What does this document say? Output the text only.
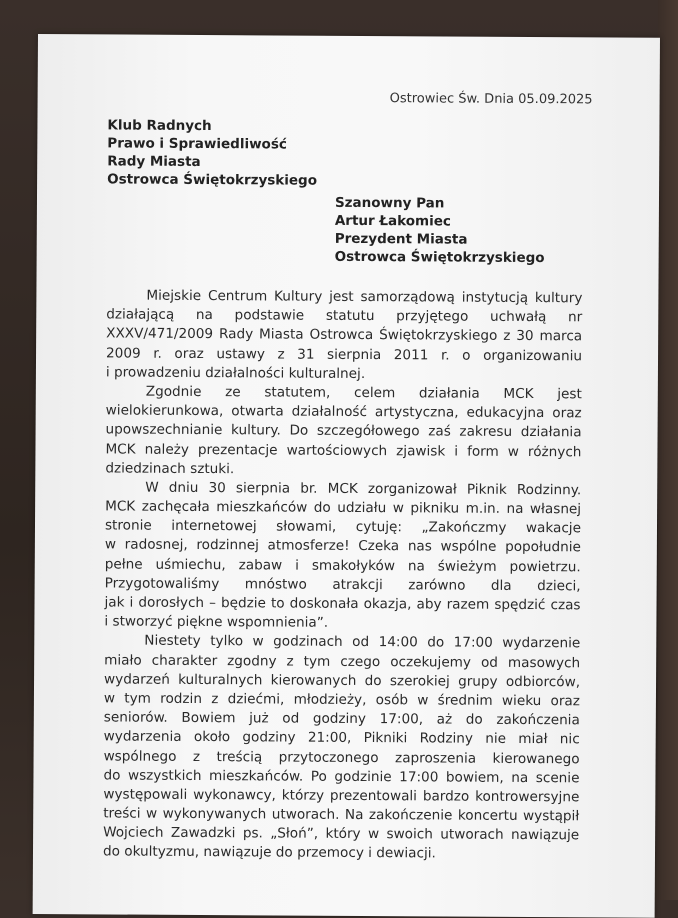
Ostrowiec Św. Dnia 05.09.2025
Klub Radnych
Prawo i Sprawiedliwość
Rady Miasta
Ostrowca Świętokrzyskiego
Szanowny Pan
Artur Łakomiec
Prezydent Miasta
Ostrowca Świętokrzyskiego
Miejskie Centrum Kultury jest samorządową instytucją kultury
działającą na podstawie statutu przyjętego uchwałą nr
XXXV/471/2009 Rady Miasta Ostrowca Świętokrzyskiego z 30 marca
2009 r. oraz ustawy z 31 sierpnia 2011 r. o organizowaniu
i prowadzeniu działalności kulturalnej.
Zgodnie ze statutem, celem działania MCK jest
wielokierunkowa, otwarta działalność artystyczna, edukacyjna oraz
upowszechnianie kultury. Do szczegółowego zaś zakresu działania
MCK należy prezentacje wartościowych zjawisk i form w różnych
dziedzinach sztuki.
W dniu 30 sierpnia br. MCK zorganizował Piknik Rodzinny.
MCK zachęcała mieszkańców do udziału w pikniku m.in. na własnej
stronie internetowej słowami, cytuję: „Zakończmy wakacje
w radosnej, rodzinnej atmosferze! Czeka nas wspólne popołudnie
pełne uśmiechu, zabaw i smakołyków na świeżym powietrzu.
Przygotowaliśmy mnóstwo atrakcji zarówno dla dzieci,
jak i dorosłych – będzie to doskonała okazja, aby razem spędzić czas
i stworzyć piękne wspomnienia”.
Niestety tylko w godzinach od 14:00 do 17:00 wydarzenie
miało charakter zgodny z tym czego oczekujemy od masowych
wydarzeń kulturalnych kierowanych do szerokiej grupy odbiorców,
w tym rodzin z dziećmi, młodzieży, osób w średnim wieku oraz
seniorów. Bowiem już od godziny 17:00, aż do zakończenia
wydarzenia około godziny 21:00, Pikniki Rodziny nie miał nic
wspólnego z treścią przytoczonego zaproszenia kierowanego
do wszystkich mieszkańców. Po godzinie 17:00 bowiem, na scenie
występowali wykonawcy, którzy prezentowali bardzo kontrowersyjne
treści w wykonywanych utworach. Na zakończenie koncertu wystąpił
Wojciech Zawadzki ps. „Słoń”, który w swoich utworach nawiązuje
do okultyzmu, nawiązuje do przemocy i dewiacji.
